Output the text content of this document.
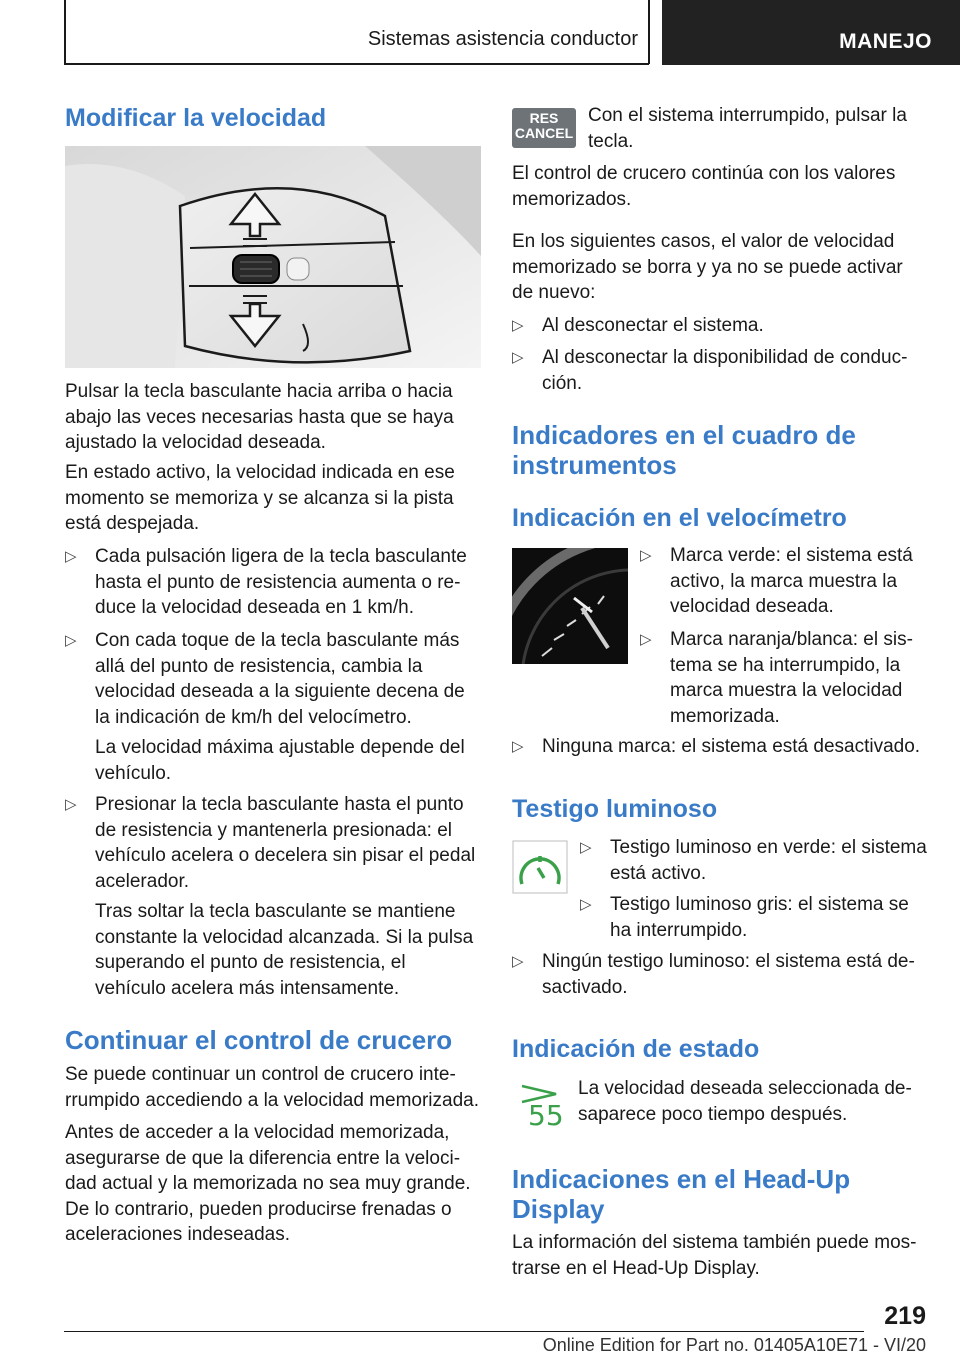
Sistemas asistencia conductor	MANEJO
Modificar la velocidad
Pulsar la tecla basculante hacia arriba o hacia abajo las veces necesarias hasta que se haya ajustado la velocidad deseada.
En estado activo, la velocidad indicada en ese momento se memoriza y se alcanza si la pista está despejada.
▷ Cada pulsación ligera de la tecla basculante hasta el punto de resistencia aumenta o reduce la velocidad deseada en 1 km/h.
▷ Con cada toque de la tecla basculante más allá del punto de resistencia, cambia la velocidad deseada a la siguiente decena de la indicación de km/h del velocímetro.
La velocidad máxima ajustable depende del vehículo.
▷ Presionar la tecla basculante hasta el punto de resistencia y mantenerla presionada: el vehículo acelera o decelera sin pisar el pedal acelerador.
Tras soltar la tecla basculante se mantiene constante la velocidad alcanzada. Si la pulsa superando el punto de resistencia, el vehículo acelera más intensamente.
Continuar el control de crucero
Se puede continuar un control de crucero interrumpido accediendo a la velocidad memorizada.
Antes de acceder a la velocidad memorizada, asegurarse de que la diferencia entre la velocidad actual y la memorizada no sea muy grande. De lo contrario, pueden producirse frenadas o aceleraciones indeseadas.
RES
CANCEL
Con el sistema interrumpido, pulsar la tecla.
El control de crucero continúa con los valores memorizados.
En los siguientes casos, el valor de velocidad memorizado se borra y ya no se puede activar de nuevo:
▷ Al desconectar el sistema.
▷ Al desconectar la disponibilidad de conducción.
Indicadores en el cuadro de instrumentos
Indicación en el velocímetro
▷ Marca verde: el sistema está activo, la marca muestra la velocidad deseada.
▷ Marca naranja/blanca: el sistema se ha interrumpido, la marca muestra la velocidad memorizada.
▷ Ninguna marca: el sistema está desactivado.
Testigo luminoso
▷ Testigo luminoso en verde: el sistema está activo.
▷ Testigo luminoso gris: el sistema se ha interrumpido.
▷ Ningún testigo luminoso: el sistema está desactivado.
Indicación de estado
55
La velocidad deseada seleccionada desaparece poco tiempo después.
Indicaciones en el Head-Up Display
La información del sistema también puede mostrarse en el Head-Up Display.
219
Online Edition for Part no. 01405A10E71 - VI/20
